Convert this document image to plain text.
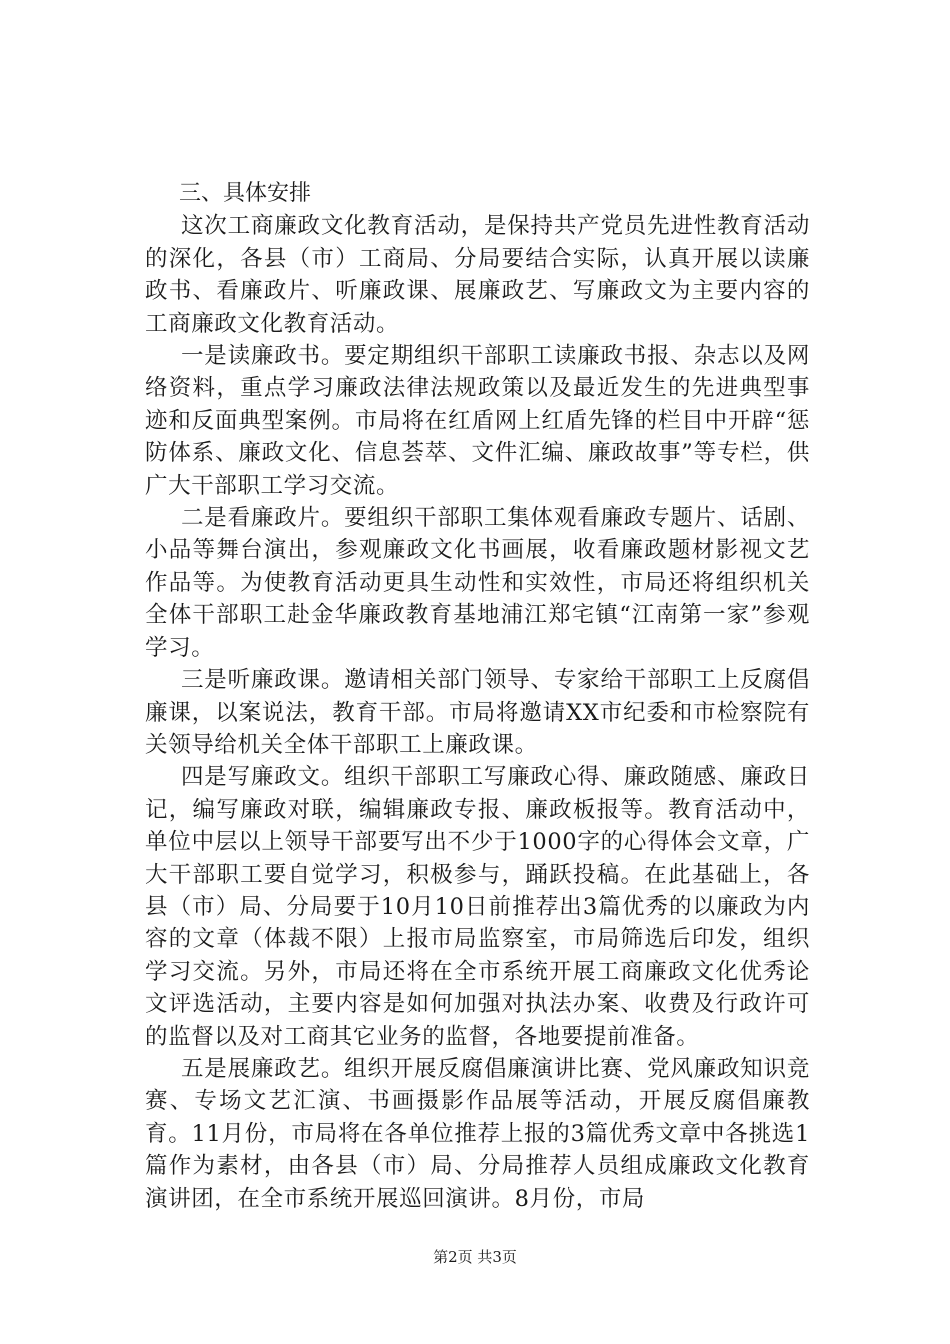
三、具体安排

这次工商廉政文化教育活动，是保持共产党员先进性教育活动的深化，各县（市）工商局、分局要结合实际，认真开展以读廉政书、看廉政片、听廉政课、展廉政艺、写廉政文为主要内容的工商廉政文化教育活动。

一是读廉政书。要定期组织干部职工读廉政书报、杂志以及网络资料，重点学习廉政法律法规政策以及最近发生的先进典型事迹和反面典型案例。市局将在红盾网上红盾先锋的栏目中开辟“惩防体系、廉政文化、信息荟萃、文件汇编、廉政故事”等专栏，供广大干部职工学习交流。

二是看廉政片。要组织干部职工集体观看廉政专题片、话剧、小品等舞台演出，参观廉政文化书画展，收看廉政题材影视文艺作品等。为使教育活动更具生动性和实效性，市局还将组织机关全体干部职工赴金华廉政教育基地浦江郑宅镇“江南第一家”参观学习。

三是听廉政课。邀请相关部门领导、专家给干部职工上反腐倡廉课，以案说法，教育干部。市局将邀请XX市纪委和市检察院有关领导给机关全体干部职工上廉政课。

四是写廉政文。组织干部职工写廉政心得、廉政随感、廉政日记，编写廉政对联，编辑廉政专报、廉政板报等。教育活动中，单位中层以上领导干部要写出不少于1000字的心得体会文章，广大干部职工要自觉学习，积极参与，踊跃投稿。在此基础上，各县（市）局、分局要于10月10日前推荐出3篇优秀的以廉政为内容的文章（体裁不限）上报市局监察室，市局筛选后印发，组织学习交流。另外，市局还将在全市系统开展工商廉政文化优秀论文评选活动，主要内容是如何加强对执法办案、收费及行政许可的监督以及对工商其它业务的监督，各地要提前准备。

五是展廉政艺。组织开展反腐倡廉演讲比赛、党风廉政知识竞赛、专场文艺汇演、书画摄影作品展等活动，开展反腐倡廉教育。11月份，市局将在各单位推荐上报的3篇优秀文章中各挑选1篇作为素材，由各县（市）局、分局推荐人员组成廉政文化教育演讲团，在全市系统开展巡回演讲。8月份，市局

第2页 共3页
